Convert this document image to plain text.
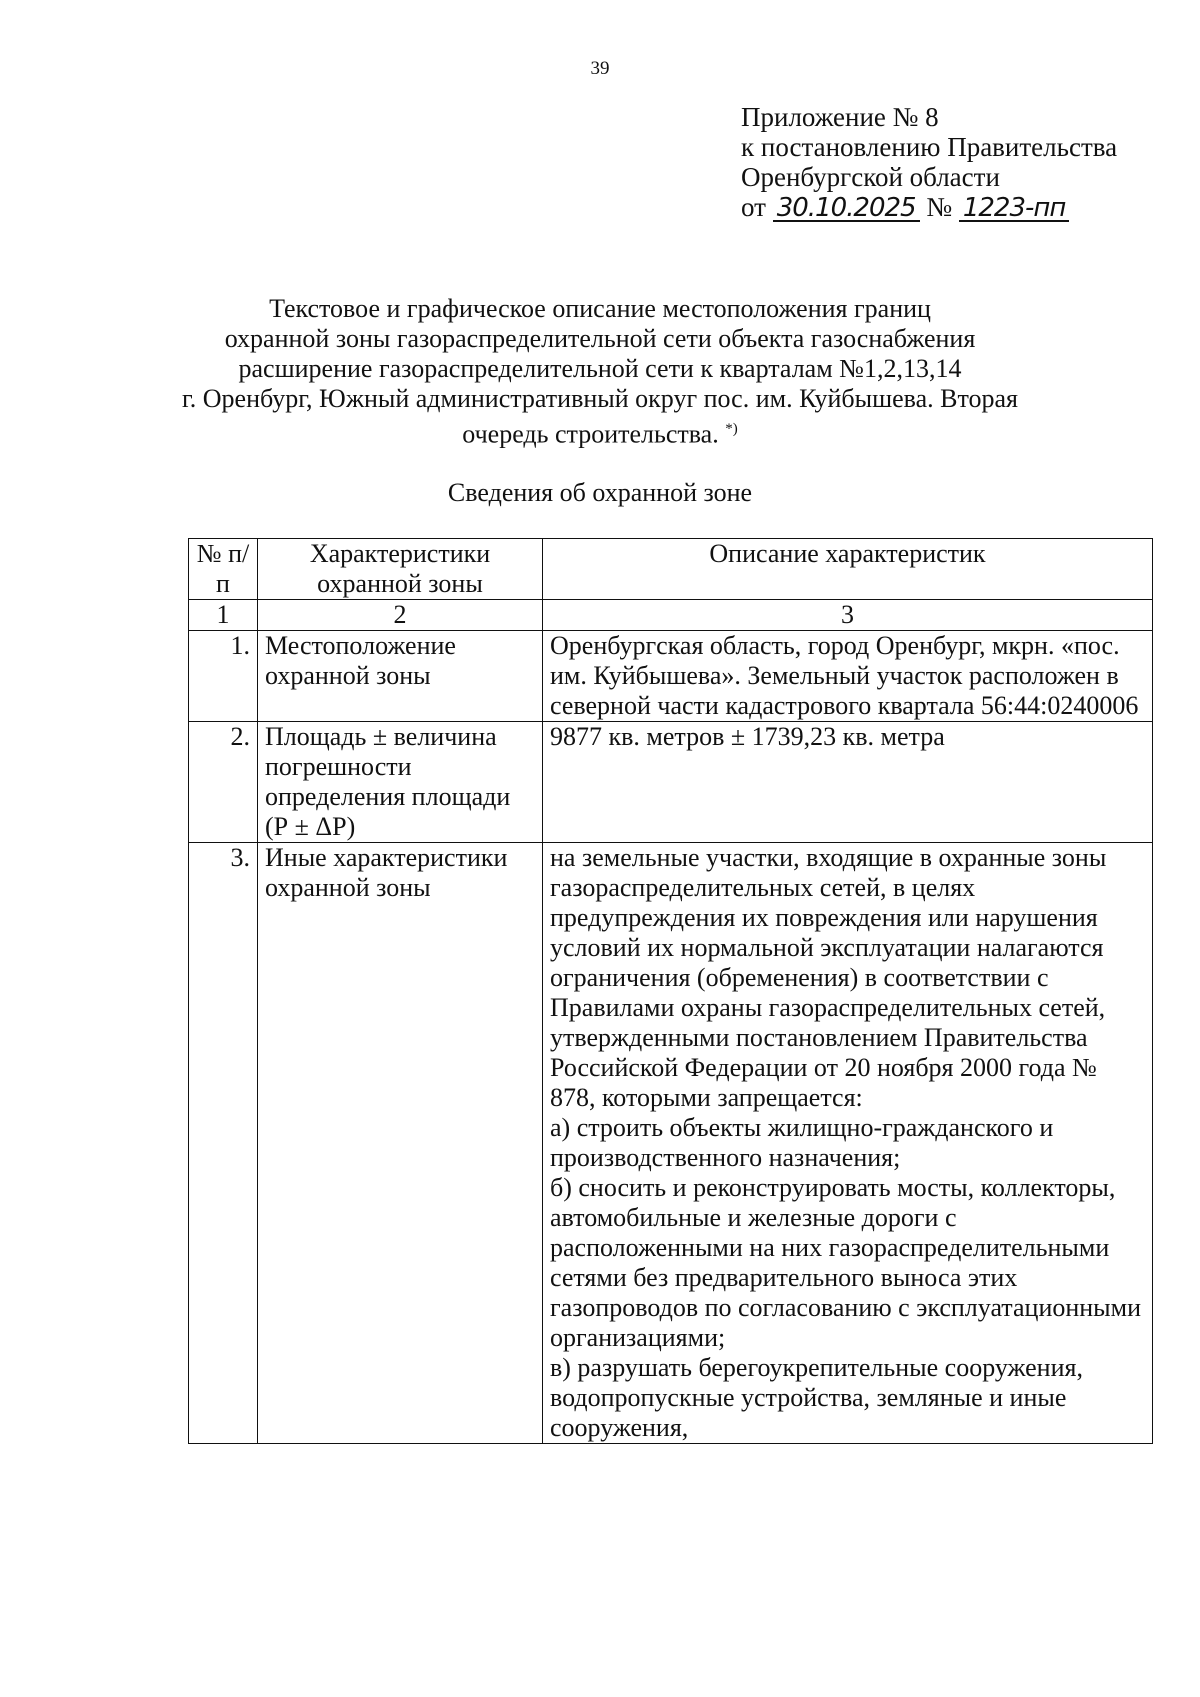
39
Приложение № 8
к постановлению Правительства
Оренбургской области
от 30.10.2025 № 1223-пп
Текстовое и графическое описание местоположения границ
охранной зоны газораспределительной сети объекта газоснабжения
расширение газораспределительной сети к кварталам №1,2,13,14
г. Оренбург, Южный административный округ пос. им. Куйбышева. Вторая
очередь строительства. *)
Сведения об охранной зоне
№ п/п	Характеристики охранной зоны	Описание характеристик
1	2	3
1.	Местоположение охранной зоны	Оренбургская область, город Оренбург, мкрн. «пос. им. Куйбышева». Земельный участок расположен в северной части кадастрового квартала 56:44:0240006

2.	Площадь ± величина погрешности определения площади (Р ± ΔР)	9877 кв. метров ± 1739,23 кв. метра

3.	Иные характеристики охранной зоны	на земельные участки, входящие в охранные зоны газораспределительных сетей, в целях предупреждения их повреждения или нарушения условий их нормальной эксплуатации налагаются ограничения (обременения) в соответствии с Правилами охраны газораспределительных сетей, утвержденными постановлением Правительства Российской Федерации от 20 ноября 2000 года № 878, которыми запрещается:
а) строить объекты жилищно-гражданского и производственного назначения;
б) сносить и реконструировать мосты, коллекторы, автомобильные и железные дороги с расположенными на них газораспределительными сетями без предварительного выноса этих газопроводов по согласованию с эксплуатационными организациями;
в) разрушать берегоукрепительные сооружения, водопропускные устройства, земляные и иные сооружения,
